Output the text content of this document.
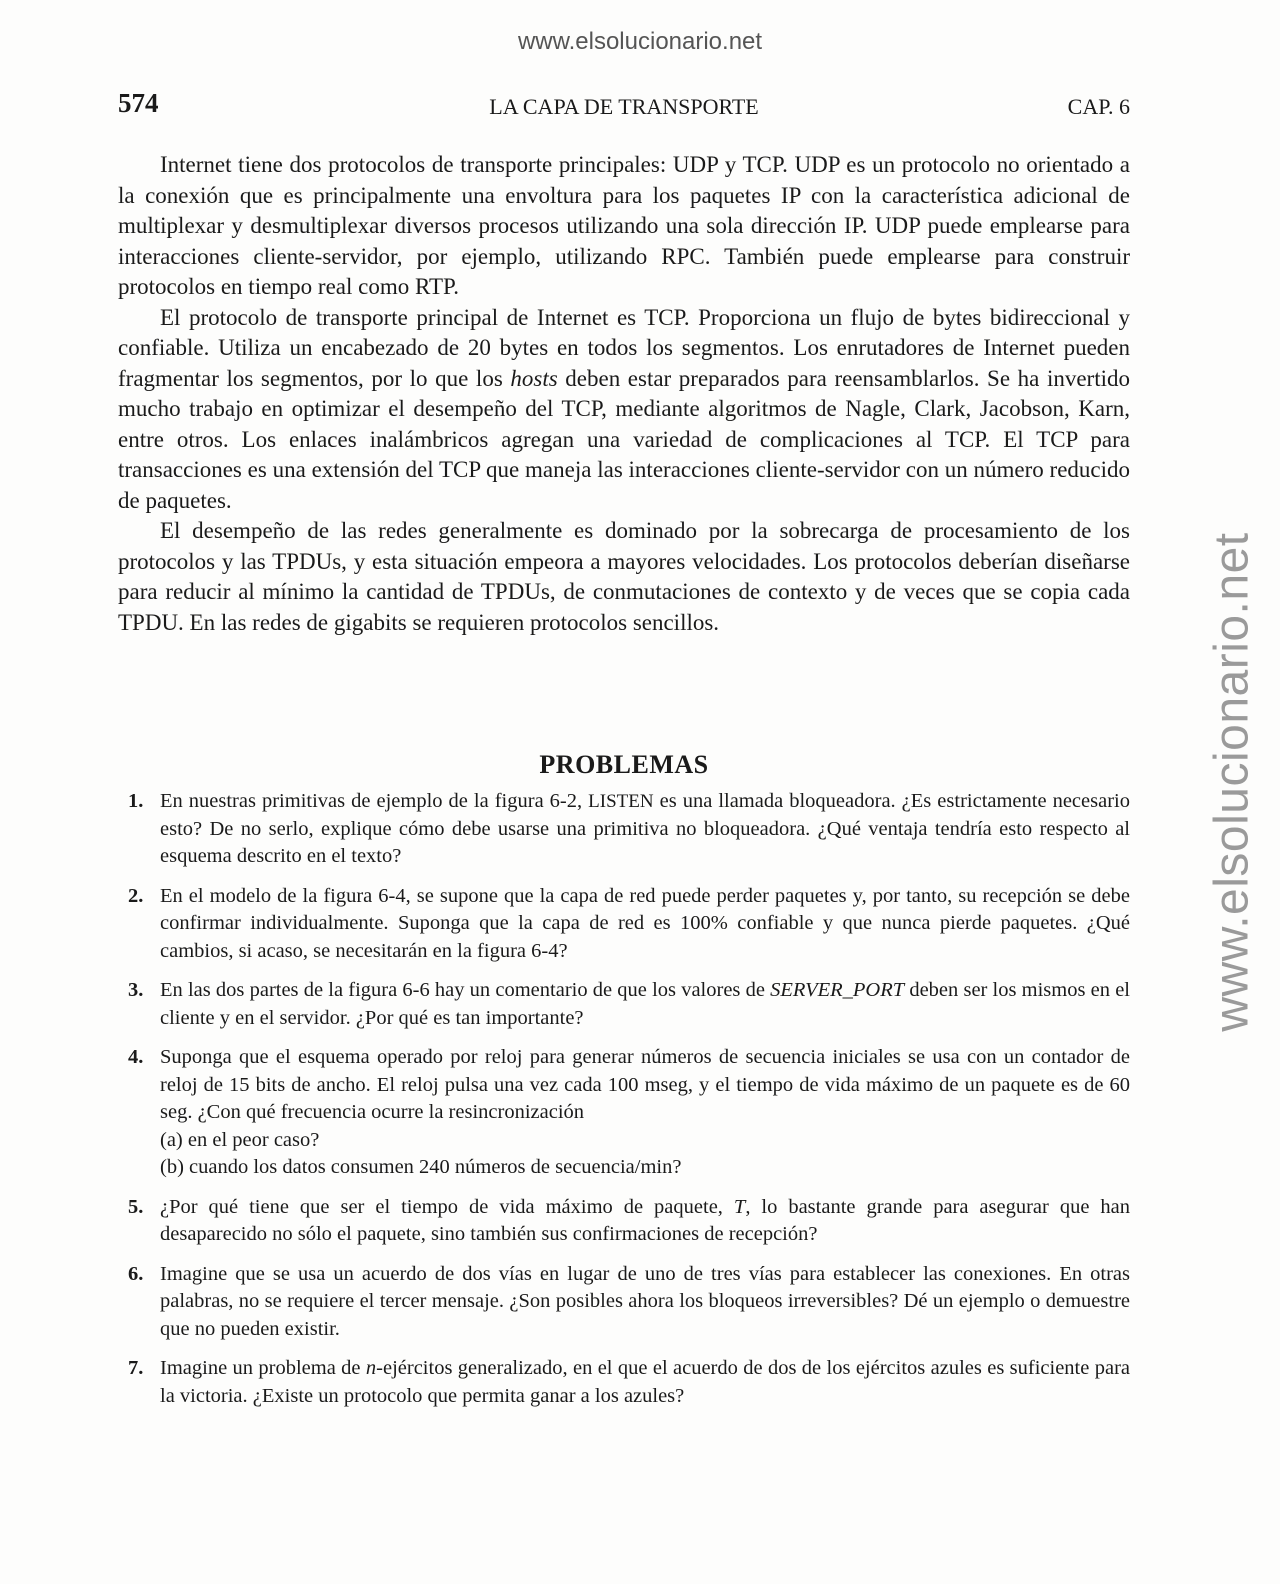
www.elsolucionario.net
www.elsolucionario.net
574	LA CAPA DE TRANSPORTE	CAP. 6

Internet tiene dos protocolos de transporte principales: UDP y TCP. UDP es un protocolo no orientado a la conexión que es principalmente una envoltura para los paquetes IP con la característica adicional de multiplexar y desmultiplexar diversos procesos utilizando una sola dirección IP. UDP puede emplearse para interacciones cliente-servidor, por ejemplo, utilizando RPC. También puede emplearse para construir protocolos en tiempo real como RTP.

El protocolo de transporte principal de Internet es TCP. Proporciona un flujo de bytes bidireccional y confiable. Utiliza un encabezado de 20 bytes en todos los segmentos. Los enrutadores de Internet pueden fragmentar los segmentos, por lo que los hosts deben estar preparados para reensamblarlos. Se ha invertido mucho trabajo en optimizar el desempeño del TCP, mediante algoritmos de Nagle, Clark, Jacobson, Karn, entre otros. Los enlaces inalámbricos agregan una variedad de complicaciones al TCP. El TCP para transacciones es una extensión del TCP que maneja las interacciones cliente-servidor con un número reducido de paquetes.

El desempeño de las redes generalmente es dominado por la sobrecarga de procesamiento de los protocolos y las TPDUs, y esta situación empeora a mayores velocidades. Los protocolos deberían diseñarse para reducir al mínimo la cantidad de TPDUs, de conmutaciones de contexto y de veces que se copia cada TPDU. En las redes de gigabits se requieren protocolos sencillos.

PROBLEMAS
1. En nuestras primitivas de ejemplo de la figura 6-2, LISTEN es una llamada bloqueadora. ¿Es estrictamente necesario esto? De no serlo, explique cómo debe usarse una primitiva no bloqueadora. ¿Qué ventaja tendría esto respecto al esquema descrito en el texto?
2. En el modelo de la figura 6-4, se supone que la capa de red puede perder paquetes y, por tanto, su recepción se debe confirmar individualmente. Suponga que la capa de red es 100% confiable y que nunca pierde paquetes. ¿Qué cambios, si acaso, se necesitarán en la figura 6-4?
3. En las dos partes de la figura 6-6 hay un comentario de que los valores de SERVER_PORT deben ser los mismos en el cliente y en el servidor. ¿Por qué es tan importante?
4. Suponga que el esquema operado por reloj para generar números de secuencia iniciales se usa con un contador de reloj de 15 bits de ancho. El reloj pulsa una vez cada 100 mseg, y el tiempo de vida máximo de un paquete es de 60 seg. ¿Con qué frecuencia ocurre la resincronización
(a) en el peor caso?
(b) cuando los datos consumen 240 números de secuencia/min?
5. ¿Por qué tiene que ser el tiempo de vida máximo de paquete, T, lo bastante grande para asegurar que han desaparecido no sólo el paquete, sino también sus confirmaciones de recepción?
6. Imagine que se usa un acuerdo de dos vías en lugar de uno de tres vías para establecer las conexiones. En otras palabras, no se requiere el tercer mensaje. ¿Son posibles ahora los bloqueos irreversibles? Dé un ejemplo o demuestre que no pueden existir.
7. Imagine un problema de n-ejércitos generalizado, en el que el acuerdo de dos de los ejércitos azules es suficiente para la victoria. ¿Existe un protocolo que permita ganar a los azules?
